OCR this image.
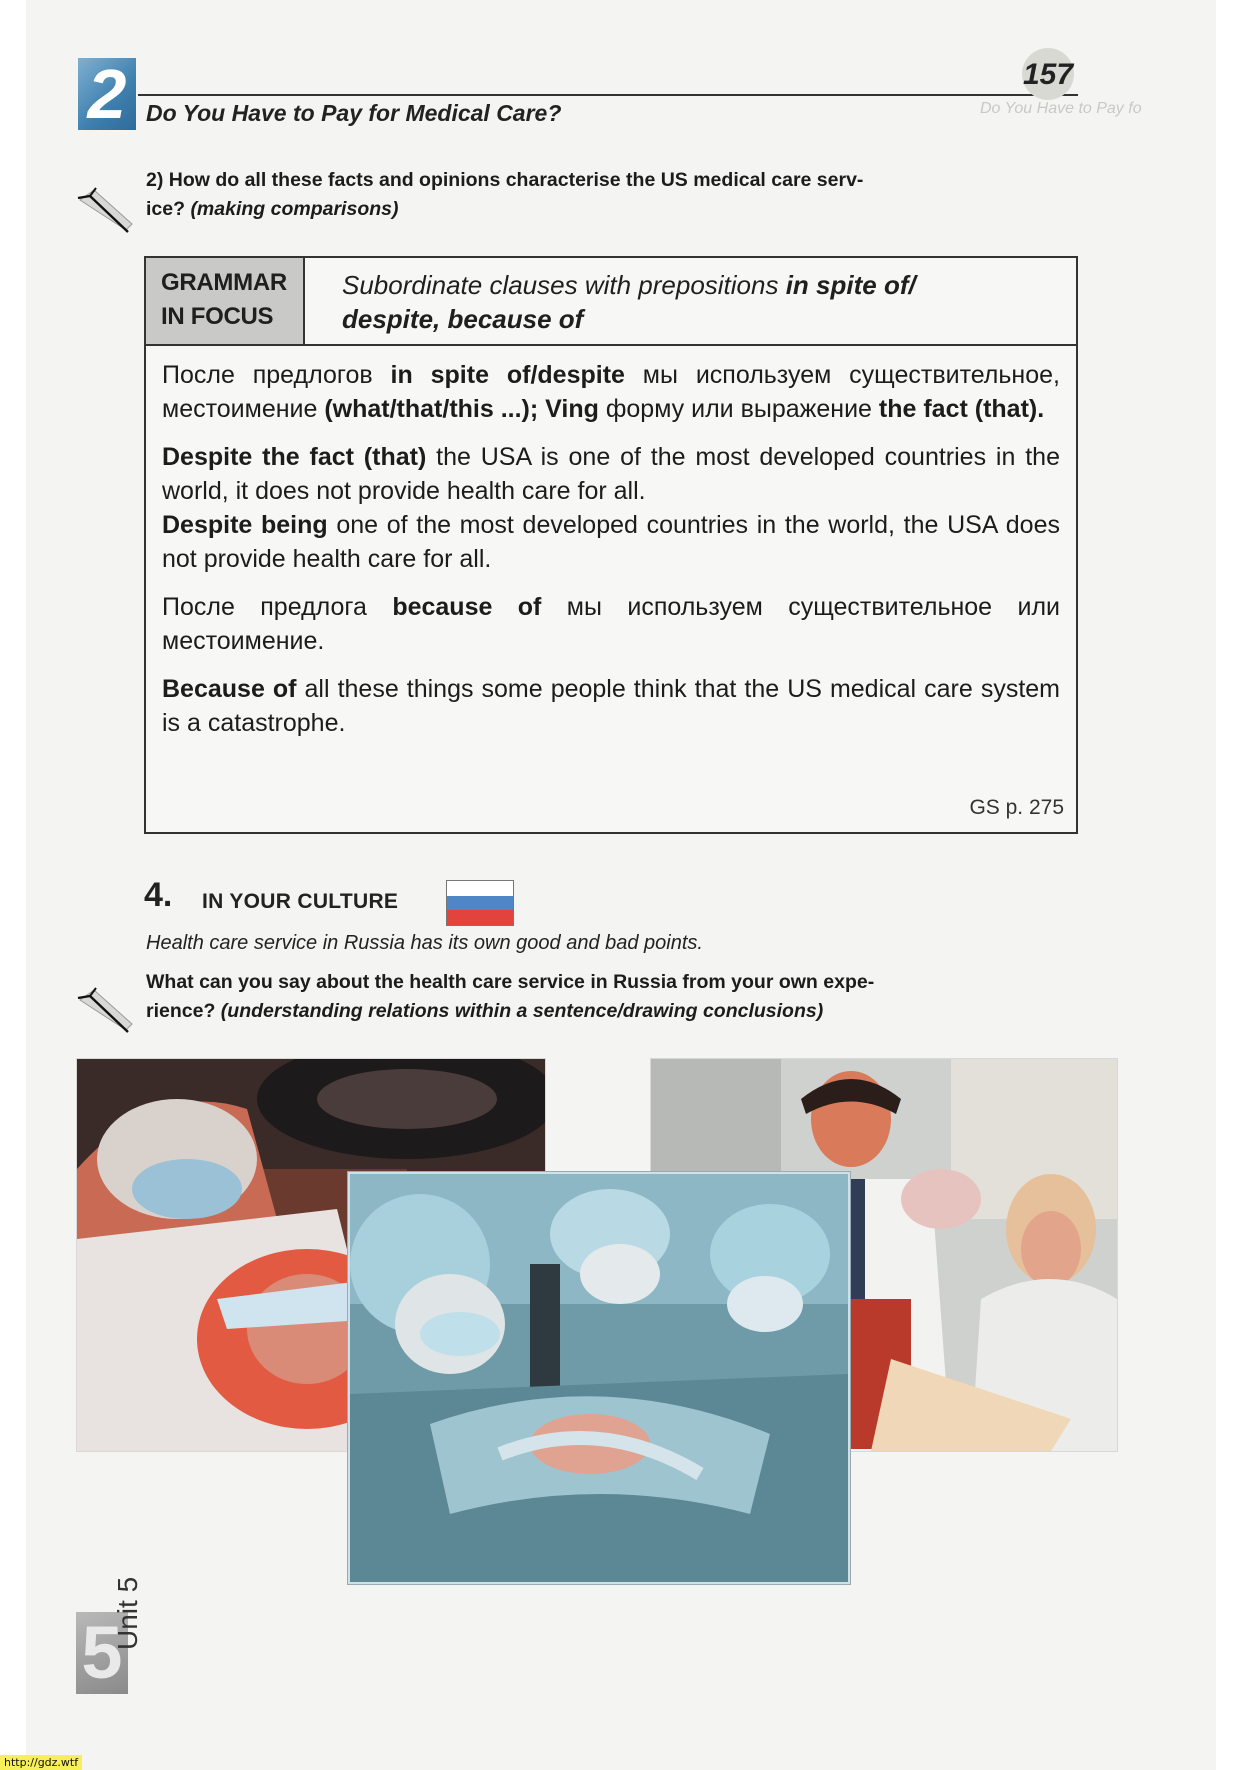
2	157
Do You Have to Pay for Medical Care?	Do You Have to Pay fo
2) How do all these facts and opinions characterise the US medical care serv-
ice? (making comparisons)
GRAMMAR
IN FOCUS
Subordinate clauses with prepositions in spite of/
despite, because of

После предлогов in spite of/despite мы используем существительное, местоимение (what/that/this ...); Ving форму или выражение the fact (that).

Despite the fact (that) the USA is one of the most developed countries in the world, it does not provide health care for all.

Despite being one of the most developed countries in the world, the USA does not provide health care for all.

После предлога because of мы используем существительное или местоимение.

Because of all these things some people think that the US medical care system is a catastrophe.

GS p. 275
4. IN YOUR CULTURE
Health care service in Russia has its own good and bad points.
What can you say about the health care service in Russia from your own expe-
rience? (understanding relations within a sentence/drawing conclusions)
5
Unit 5
http://gdz.wtf
